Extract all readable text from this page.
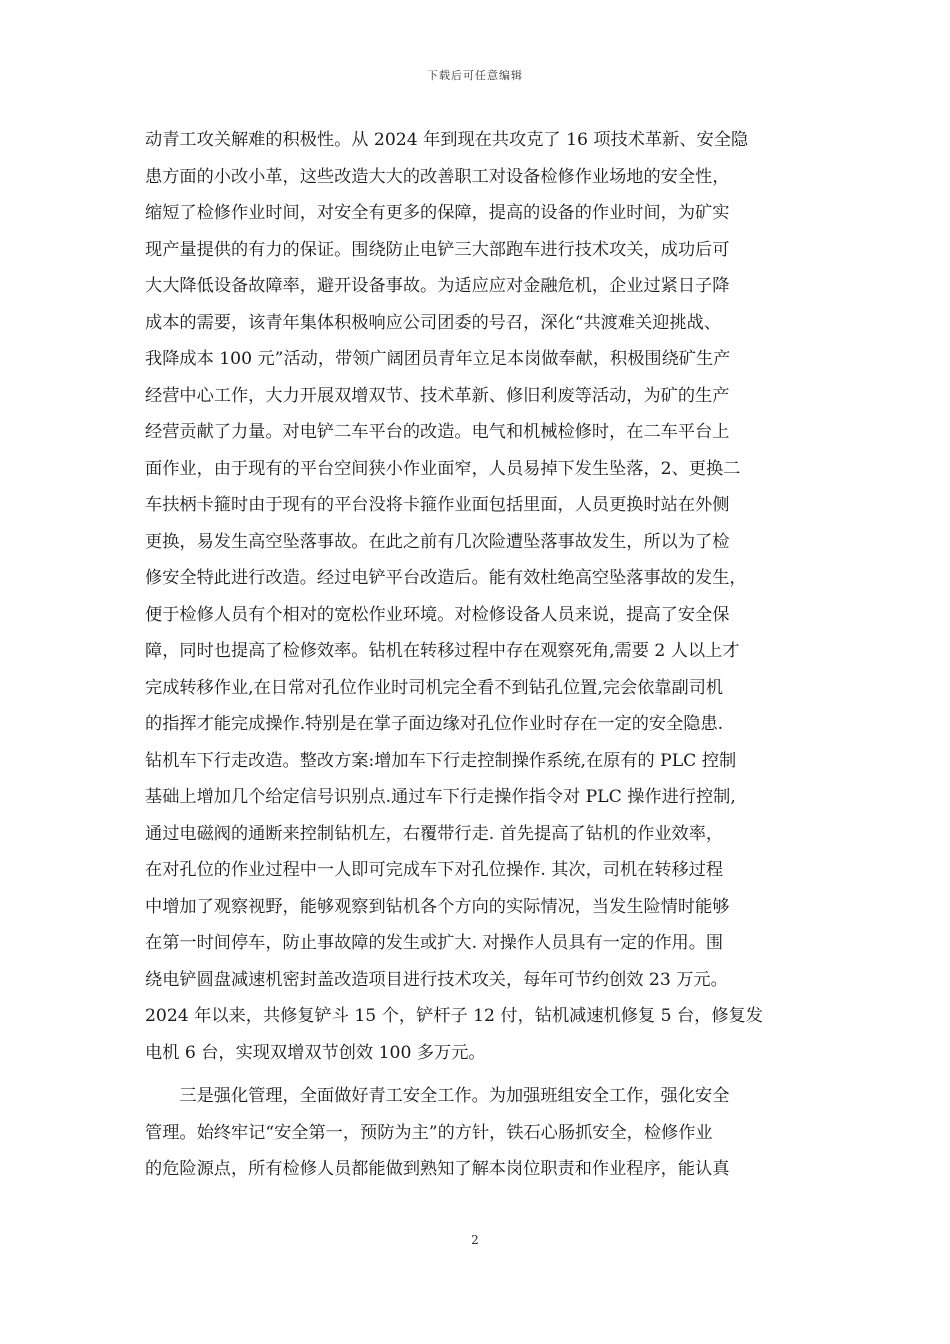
下载后可任意编辑
动青工攻关解难的积极性。从 2024 年到现在共攻克了 16 项技术革新、安全隐
患方面的小改小革，这些改造大大的改善职工对设备检修作业场地的安全性，
缩短了检修作业时间，对安全有更多的保障，提高的设备的作业时间，为矿实
现产量提供的有力的保证。围绕防止电铲三大部跑车进行技术攻关，成功后可
大大降低设备故障率，避开设备事故。为适应应对金融危机，企业过紧日子降
成本的需要，该青年集体积极响应公司团委的号召，深化“共渡难关迎挑战、
我降成本 100 元”活动，带领广阔团员青年立足本岗做奉献，积极围绕矿生产
经营中心工作，大力开展双增双节、技术革新、修旧利废等活动，为矿的生产
经营贡献了力量。对电铲二车平台的改造。电气和机械检修时，在二车平台上
面作业，由于现有的平台空间狭小作业面窄，人员易掉下发生坠落，2、更换二
车扶柄卡箍时由于现有的平台没将卡箍作业面包括里面，人员更换时站在外侧
更换，易发生高空坠落事故。在此之前有几次险遭坠落事故发生，所以为了检
修安全特此进行改造。经过电铲平台改造后。能有效杜绝高空坠落事故的发生，
便于检修人员有个相对的宽松作业环境。对检修设备人员来说，提高了安全保
障，同时也提高了检修效率。钻机在转移过程中存在观察死角,需要 2 人以上才
完成转移作业,在日常对孔位作业时司机完全看不到钻孔位置,完会依靠副司机
的指挥才能完成操作.特别是在掌子面边缘对孔位作业时存在一定的安全隐患.
钻机车下行走改造。整改方案:增加车下行走控制操作系统,在原有的 PLC 控制
基础上增加几个给定信号识别点.通过车下行走操作指令对 PLC 操作进行控制,
通过电磁阀的通断来控制钻机左，右覆带行走. 首先提高了钻机的作业效率，
在对孔位的作业过程中一人即可完成车下对孔位操作. 其次，司机在转移过程
中增加了观察视野，能够观察到钻机各个方向的实际情况，当发生险情时能够
在第一时间停车，防止事故障的发生或扩大. 对操作人员具有一定的作用。围
绕电铲圆盘减速机密封盖改造项目进行技术攻关，每年可节约创效 23 万元。
2024 年以来，共修复铲斗 15 个，铲杆子 12 付，钻机减速机修复 5 台，修复发
电机 6 台，实现双增双节创效 100 多万元。
　　三是强化管理，全面做好青工安全工作。为加强班组安全工作，强化安全
管理。始终牢记“安全第一，预防为主”的方针，铁石心肠抓安全，检修作业
的危险源点，所有检修人员都能做到熟知了解本岗位职责和作业程序，能认真
2
